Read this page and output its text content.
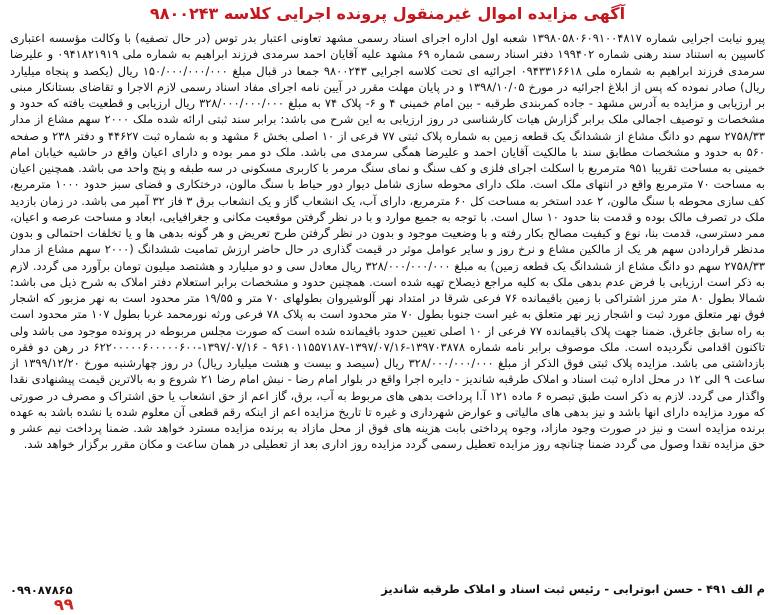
آگهی مزایده اموال غیرمنقول پرونده اجرایی کلاسه ۹۸۰۰۲۴۳

پیرو نیابت اجرایی شماره ۱۳۹۸۰۵۸۰۶۰۹۱۰۰۴۸۱۷ شعبه اول اداره اجرای اسناد رسمی مشهد تعاونی اعتبار بدر توس (در حال تصفیه) با وکالت مؤسسه اعتباری کاسپین به استناد سند رهنی شماره ۱۹۹۴۰۲ دفتر اسناد رسمی شماره ۶۹ مشهد علیه آقایان احمد سرمدی فرزند ابراهیم به شماره ملی ۰۹۴۱۸۲۱۹۱۹ و علیرضا سرمدی فرزند ابراهیم به شماره ملی ۰۹۴۳۳۱۶۶۱۸ اجرائیه ای تحت کلاسه اجرایی ۹۸۰۰۲۴۳ جمعا در قبال مبلغ ۱۵۰/۰۰۰/۰۰۰/۰۰۰ ریال (یکصد و پنجاه میلیارد ریال) صادر نموده که پس از ابلاغ اجرائیه در مورخ ۱۳۹۸/۱۰/۰۵ و در پایان مهلت مقرر در آیین نامه اجرای مفاد اسناد رسمی لازم الاجرا و تقاضای بستانکار مبنی بر ارزیابی و مزایده به آدرس مشهد - جاده کمربندی طرقبه - بین امام خمینی ۴ و ۶- پلاک ۷۴ به مبلغ ۳۲۸/۰۰۰/۰۰۰/۰۰۰ ریال ارزیابی و قطعیت یافته که حدود و مشخصات و توصیف اجمالی ملک برابر گزارش هیات کارشناسی در روز ارزیابی به این شرح می باشد: برابر سند ثبتی ارائه شده ملک ۲۰۰۰ سهم مشاع از مدار ۲۷۵۸/۳۳ سهم دو دانگ مشاع از ششدانگ یک قطعه زمین به شماره پلاک ثبتی ۷۷ فرعی از ۱۰ اصلی بخش ۶ مشهد و به شماره ثبت ۴۴۶۲۷ و دفتر ۲۳۸ و صفحه ۵۶۰ به حدود و مشخصات مطابق سند با مالکیت آقایان احمد و علیرضا همگی سرمدی می باشد. ملک دو ممر بوده و دارای اعیان واقع در حاشیه خیابان امام خمینی به مساحت تقریبا ۹۵۱ مترمربع با اسکلت اجرای فلزی و کف سنگ و نمای سنگ مرمر با کاربری مسکونی در سه طبقه و پنج واحد می باشد. همچنین اعیان به مساحت ۷۰ مترمربع واقع در انتهای ملک است. ملک دارای محوطه سازی شامل دیوار دور حیاط با سنگ مالون، درختکاری و فضای سبز حدود ۱۰۰۰ مترمربع، کف سازی محوطه با سنگ مالون، ۲ عدد استخر به مساحت کل ۶۰ مترمربع، دارای آب، یک انشعاب گاز و یک انشعاب برق ۳ فاز ۳۲ آمپر می باشد. در زمان بازدید ملک در تصرف مالک بوده و قدمت بنا حدود ۱۰ سال است. با توجه به جمیع موارد و با در نظر گرفتن موقعیت مکانی و جغرافیایی، ابعاد و مساحت عرصه و اعیان، ممر دسترسی، قدمت بنا، نوع و کیفیت مصالح بکار رفته و با وضعیت موجود و بدون در نظر گرفتن طرح تعریض و هر گونه بدهی ها و یا تخلفات احتمالی و بدون مدنظر قراردادن سهم هر یک از مالکین مشاع و نرخ روز و سایر عوامل موثر در قیمت گذاری در حال حاضر ارزش تمامیت ششدانگ (۲۰۰۰ سهم مشاع از مدار ۲۷۵۸/۳۳ سهم دو دانگ مشاع از ششدانگ یک قطعه زمین) به مبلغ ۳۲۸/۰۰۰/۰۰۰/۰۰۰ ریال معادل سی و دو میلیارد و هشتصد میلیون تومان برآورد می گردد. لازم به ذکر است ارزیابی با فرض عدم بدهی ملک به کلیه مراجع ذیصلاح تهیه شده است. همچنین حدود و مشخصات برابر استعلام دفتر املاک به شرح ذیل می باشد: شمالا بطول ۸۰ متر مرز اشتراکی با زمین باقیمانده ۷۶ فرعی شرقا در امتداد نهر آلوشیروان بطولهای ۷۰ متر و ۱۹/۵۵ متر محدود است به نهر مزبور که اشجار فوق نهر متعلق مورد ثبت و اشجار زیر نهر متعلق به غیر است جنوبا بطول ۷۰ متر محدود است به پلاک ۷۸ فرعی ورثه نورمحمد غربا بطول ۱۰۷ متر محدود است به راه سابق جاغرق. ضمنا جهت پلاک باقیمانده ۷۷ فرعی از ۱۰ اصلی تعیین حدود باقیمانده شده است که صورت مجلس مربوطه در پرونده موجود می باشد ولی تاکنون اقدامی نگردیده است. ملک موصوف برابر نامه شماره ۱۳۹۷۰۳۸۷۸-۱۳۹۷/۰۷/۱۶-۹۶۱۰۱۱۵۵۷۱۸۷ - ۱۳۹۷/۰۷/۱۶-۶۲۲۰۰۰۰۰۶۰۰۰۰۰۶۰۰ در رهن دو فقره بازداشتی می باشد. مزایده پلاک ثبتی فوق الذکر از مبلغ ۳۲۸/۰۰۰/۰۰۰/۰۰۰ ریال (سیصد و بیست و هشت میلیارد ریال) در روز چهارشنبه مورخ ۱۳۹۹/۱۲/۲۰ از ساعت ۹ الی ۱۲ در محل اداره ثبت اسناد و املاک طرقبه شاندیز - دایره اجرا واقع در بلوار امام رضا - نبش امام رضا ۲۱ شروع و به بالاترین قیمت پیشنهادی نقدا واگذار می گردد. لازم به ذکر است طبق تبصره ۶ ماده ۱۲۱ آ.ا پرداخت بدهی های مربوط به آب، برق، گاز اعم از حق انشعاب یا حق اشتراک و مصرف در صورتی که مورد مزایده دارای انها باشد و نیز بدهی های مالیاتی و عوارض شهرداری و غیره تا تاریخ مزایده اعم از اینکه رقم قطعی آن معلوم شده یا نشده باشد به عهده برنده مزایده است و نیز در صورت وجود مازاد، وجوه پرداختی بابت هزینه های فوق از محل مازاد به برنده مزایده مسترد خواهد شد. ضمنا پرداخت نیم عشر و حق مزایده نقدا وصول می گردد ضمنا چنانچه روز مزایده تعطیل رسمی گردد مزایده روز اداری بعد از تعطیلی در همان ساعت و مکان مقرر برگزار خواهد شد.

۰۹۹۰۸۷۸۶۵	م الف ۴۹۱ - حسن ابوترابی - رئیس ثبت اسناد و املاک طرقبه شاندیز
۹۹
